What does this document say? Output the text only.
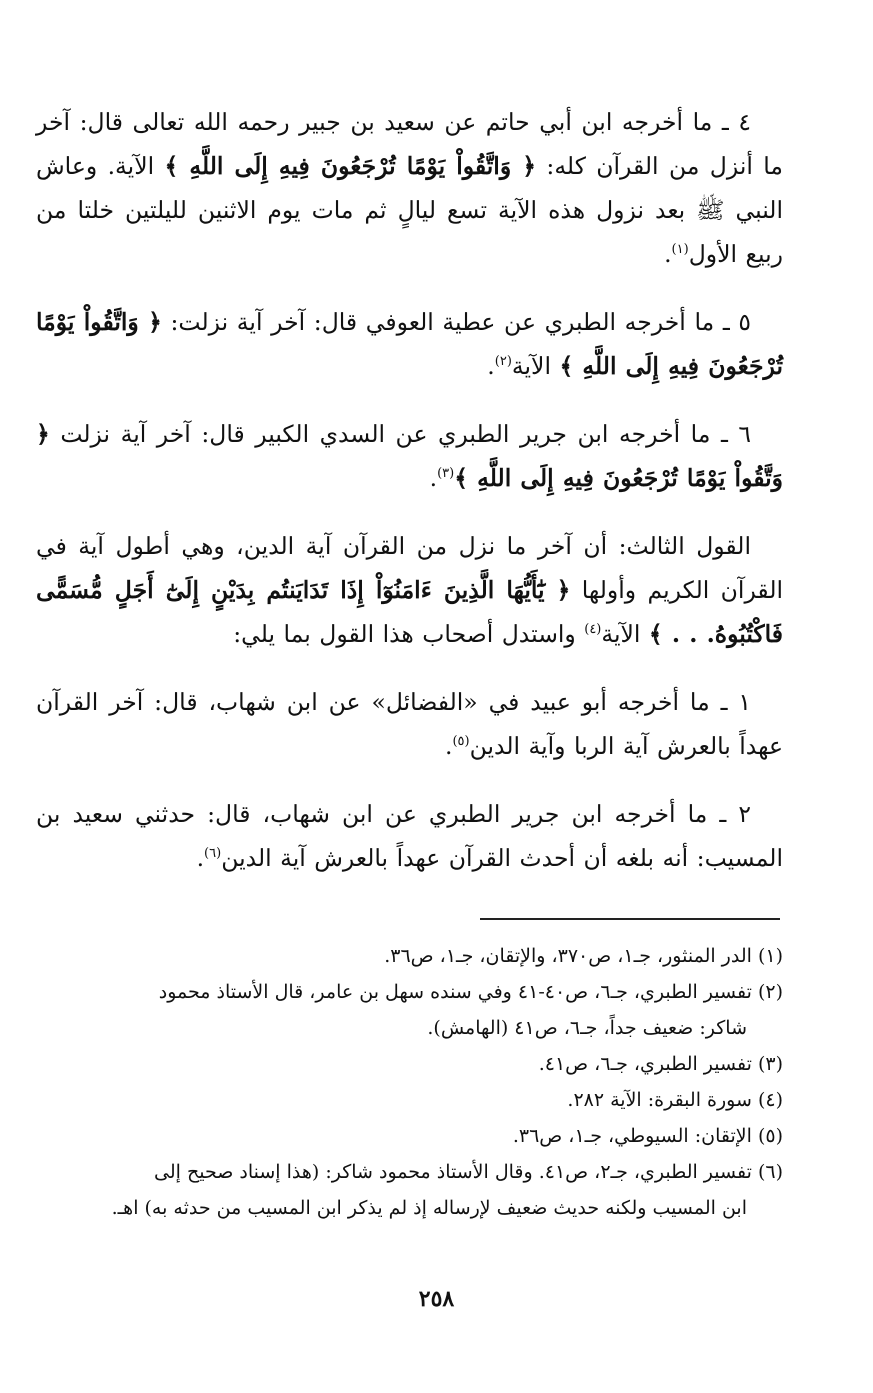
٤ ـ ما أخرجه ابن أبي حاتم عن سعيد بن جبير رحمه الله تعالى قال: آخر ما أنزل من القرآن كله: ﴿ وَاتَّقُواْ يَوْمًا تُرْجَعُونَ فِيهِ إِلَى اللَّهِ ﴾ الآية. وعاش النبي ﷺ بعد نزول هذه الآية تسع ليالٍ ثم مات يوم الاثنين لليلتين خلتا من ربيع الأول$^{(١)}$.

٥ ـ ما أخرجه الطبري عن عطية العوفي قال: آخر آية نزلت: ﴿ وَاتَّقُواْ يَوْمًا تُرْجَعُونَ فِيهِ إِلَى اللَّهِ ﴾ الآية$^{(٢)}$.

٦ ـ ما أخرجه ابن جرير الطبري عن السدي الكبير قال: آخر آية نزلت ﴿ وَتَّقُواْ يَوْمًا تُرْجَعُونَ فِيهِ إِلَى اللَّهِ ﴾$^{(٣)}$.

القول الثالث: أن آخر ما نزل من القرآن آية الدين، وهي أطول آية في القرآن الكريم وأولها ﴿ يَٰٓأَيُّهَا الَّذِينَ ءَامَنُوٓاْ إِذَا تَدَايَنتُم بِدَيْنٍ إِلَىٰٓ أَجَلٍ مُّسَمًّى فَاكْتُبُوهُ. . . ﴾ الآية$^{(٤)}$ واستدل أصحاب هذا القول بما يلي:

١ ـ ما أخرجه أبو عبيد في «الفضائل» عن ابن شهاب، قال: آخر القرآن عهداً بالعرش آية الربا وآية الدين$^{(٥)}$.

٢ ـ ما أخرجه ابن جرير الطبري عن ابن شهاب، قال: حدثني سعيد بن المسيب: أنه بلغه أن أحدث القرآن عهداً بالعرش آية الدين$^{(٦)}$.

(١) الدر المنثور، جـ١، ص٣٧٠، والإتقان، جـ١، ص٣٦.

(٢) تفسير الطبري، جـ٦، ص٤٠-٤١ وفي سنده سهل بن عامر، قال الأستاذ محمود
شاكر: ضعيف جداً، جـ٦، ص٤١ (الهامش).

(٣) تفسير الطبري، جـ٦، ص٤١.

(٤) سورة البقرة: الآية ٢٨٢.

(٥) الإتقان: السيوطي، جـ١، ص٣٦.

(٦) تفسير الطبري، جـ٢، ص٤١. وقال الأستاذ محمود شاكر: (هذا إسناد صحيح إلى
ابن المسيب ولكنه حديث ضعيف لإرساله إذ لم يذكر ابن المسيب من حدثه به) اهـ.

٢٥٨
